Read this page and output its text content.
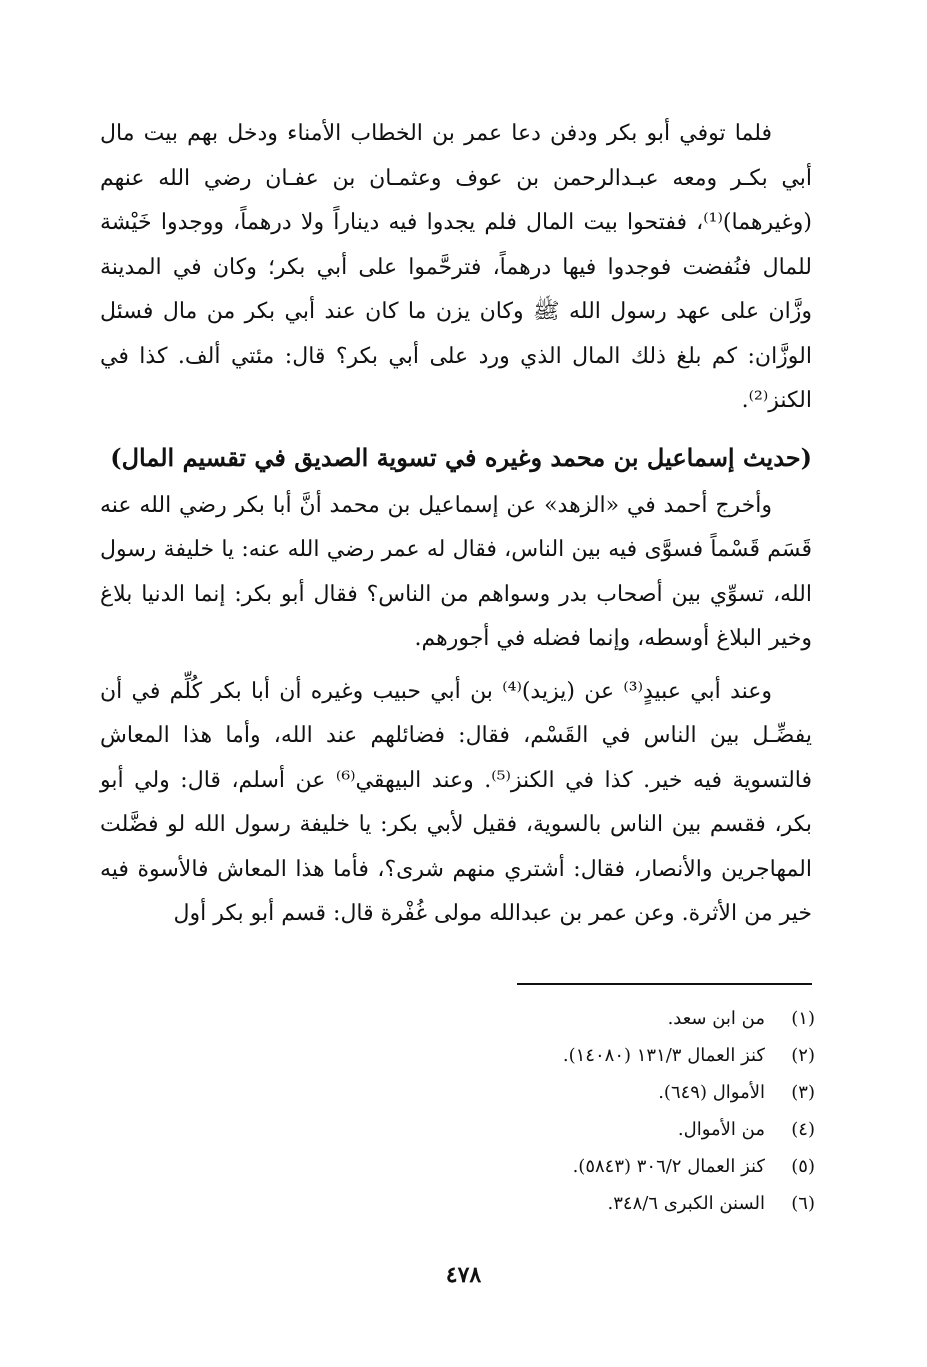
فلما توفي أبو بكر ودفن دعا عمر بن الخطاب الأمناء ودخل بهم بيت مال أبي بكـر ومعه عبـدالرحمن بن عوف وعثمـان بن عفـان رضي الله عنهم (وغيرهما)⁽¹⁾، ففتحوا بيت المال فلم يجدوا فيه ديناراً ولا درهماً، ووجدوا خَيْشة للمال فنُفضت فوجدوا فيها درهماً، فترحَّموا على أبي بكر؛ وكان في المدينة وزَّان على عهد رسول الله ﷺ وكان يزن ما كان عند أبي بكر من مال فسئل الوزَّان: كم بلغ ذلك المال الذي ورد على أبي بكر؟ قال: مئتي ألف. كذا في الكنز⁽²⁾.

(حديث إسماعيل بن محمد وغيره في تسوية الصديق في تقسيم المال)

وأخرج أحمد في «الزهد» عن إسماعيل بن محمد أنَّ أبا بكر رضي الله عنه قَسَم قَسْماً فسوَّى فيه بين الناس، فقال له عمر رضي الله عنه: يا خليفة رسول الله، تسوِّي بين أصحاب بدر وسواهم من الناس؟ فقال أبو بكر: إنما الدنيا بلاغ وخير البلاغ أوسطه، وإنما فضله في أجورهم.

وعند أبي عبيدٍ⁽³⁾ عن (يزيد)⁽⁴⁾ بن أبي حبيب وغيره أن أبا بكر كُلِّم في أن يفضِّـل بين الناس في القَسْم، فقال: فضائلهم عند الله، وأما هذا المعاش فالتسوية فيه خير. كذا في الكنز⁽⁵⁾. وعند البيهقي⁽⁶⁾ عن أسلم، قال: ولي أبو بكر، فقسم بين الناس بالسوية، فقيل لأبي بكر: يا خليفة رسول الله لو فضَّلت المهاجرين والأنصار، فقال: أشتري منهم شرى؟، فأما هذا المعاش فالأسوة فيه خير من الأثرة. وعن عمر بن عبدالله مولى غُفْرة قال: قسم أبو بكر أول

(١)
من ابن سعد.
(٢)
كنز العمال ١٣١/٣ (١٤٠٨٠).
(٣)
الأموال (٦٤٩).
(٤)
من الأموال.
(٥)
كنز العمال ٣٠٦/٢ (٥٨٤٣).
(٦)
السنن الكبرى ٣٤٨/٦.
٤٧٨
